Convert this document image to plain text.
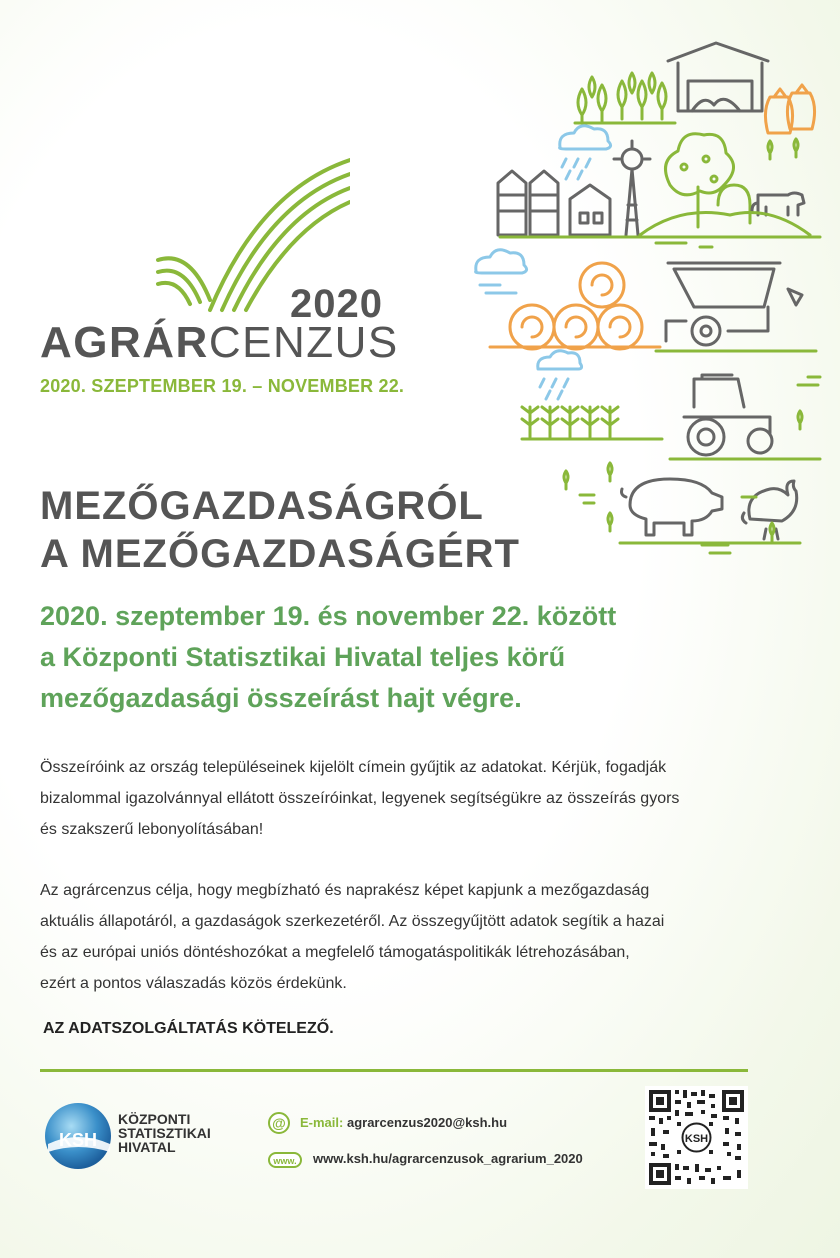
2020
AGRÁRCENZUS
2020. SZEPTEMBER 19. – NOVEMBER 22.
MEZŐGAZDASÁGRÓL
A MEZŐGAZDASÁGÉRT
2020. szeptember 19. és november 22. között
a Központi Statisztikai Hivatal teljes körű
mezőgazdasági összeírást hajt végre.
Összeíróink az ország településeinek kijelölt címein gyűjtik az adatokat. Kérjük, fogadják
bizalommal igazolvánnyal ellátott összeíróinkat, legyenek segítségükre az összeírás gyors
és szakszerű lebonyolításában!
Az agrárcenzus célja, hogy megbízható és naprakész képet kapjunk a mezőgazdaság
aktuális állapotáról, a gazdaságok szerkezetéről. Az összegyűjtött adatok segítik a hazai
és az európai uniós döntéshozókat a megfelelő támogatáspolitikák létrehozásában,
ezért a pontos válaszadás közös érdekünk.
AZ ADATSZOLGÁLTATÁS KÖTELEZŐ.
KSH
KÖZPONTI
STATISZTIKAI
HIVATAL
@ E-mail: agrarcenzus2020@ksh.hu
www. www.ksh.hu/agrarcenzusok_agrarium_2020
KSH
